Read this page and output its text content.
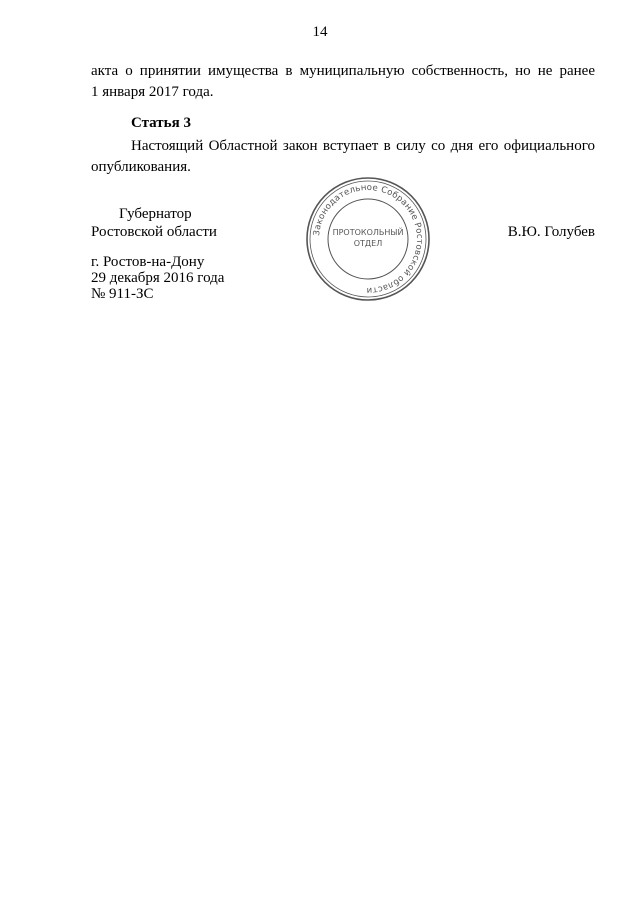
14
акта о принятии имущества в муниципальную собственность, но не ранее
1 января 2017 года.
Статья 3
Настоящий Областной закон вступает в силу со дня его официального
опубликования.
Губернатор
Ростовской области	В.Ю. Голубев
г. Ростов-на-Дону
29 декабря 2016 года
№ 911-ЗС
Законодательное Собрание Ростовской области
ПРОТОКОЛЬНЫЙ
ОТДЕЛ
